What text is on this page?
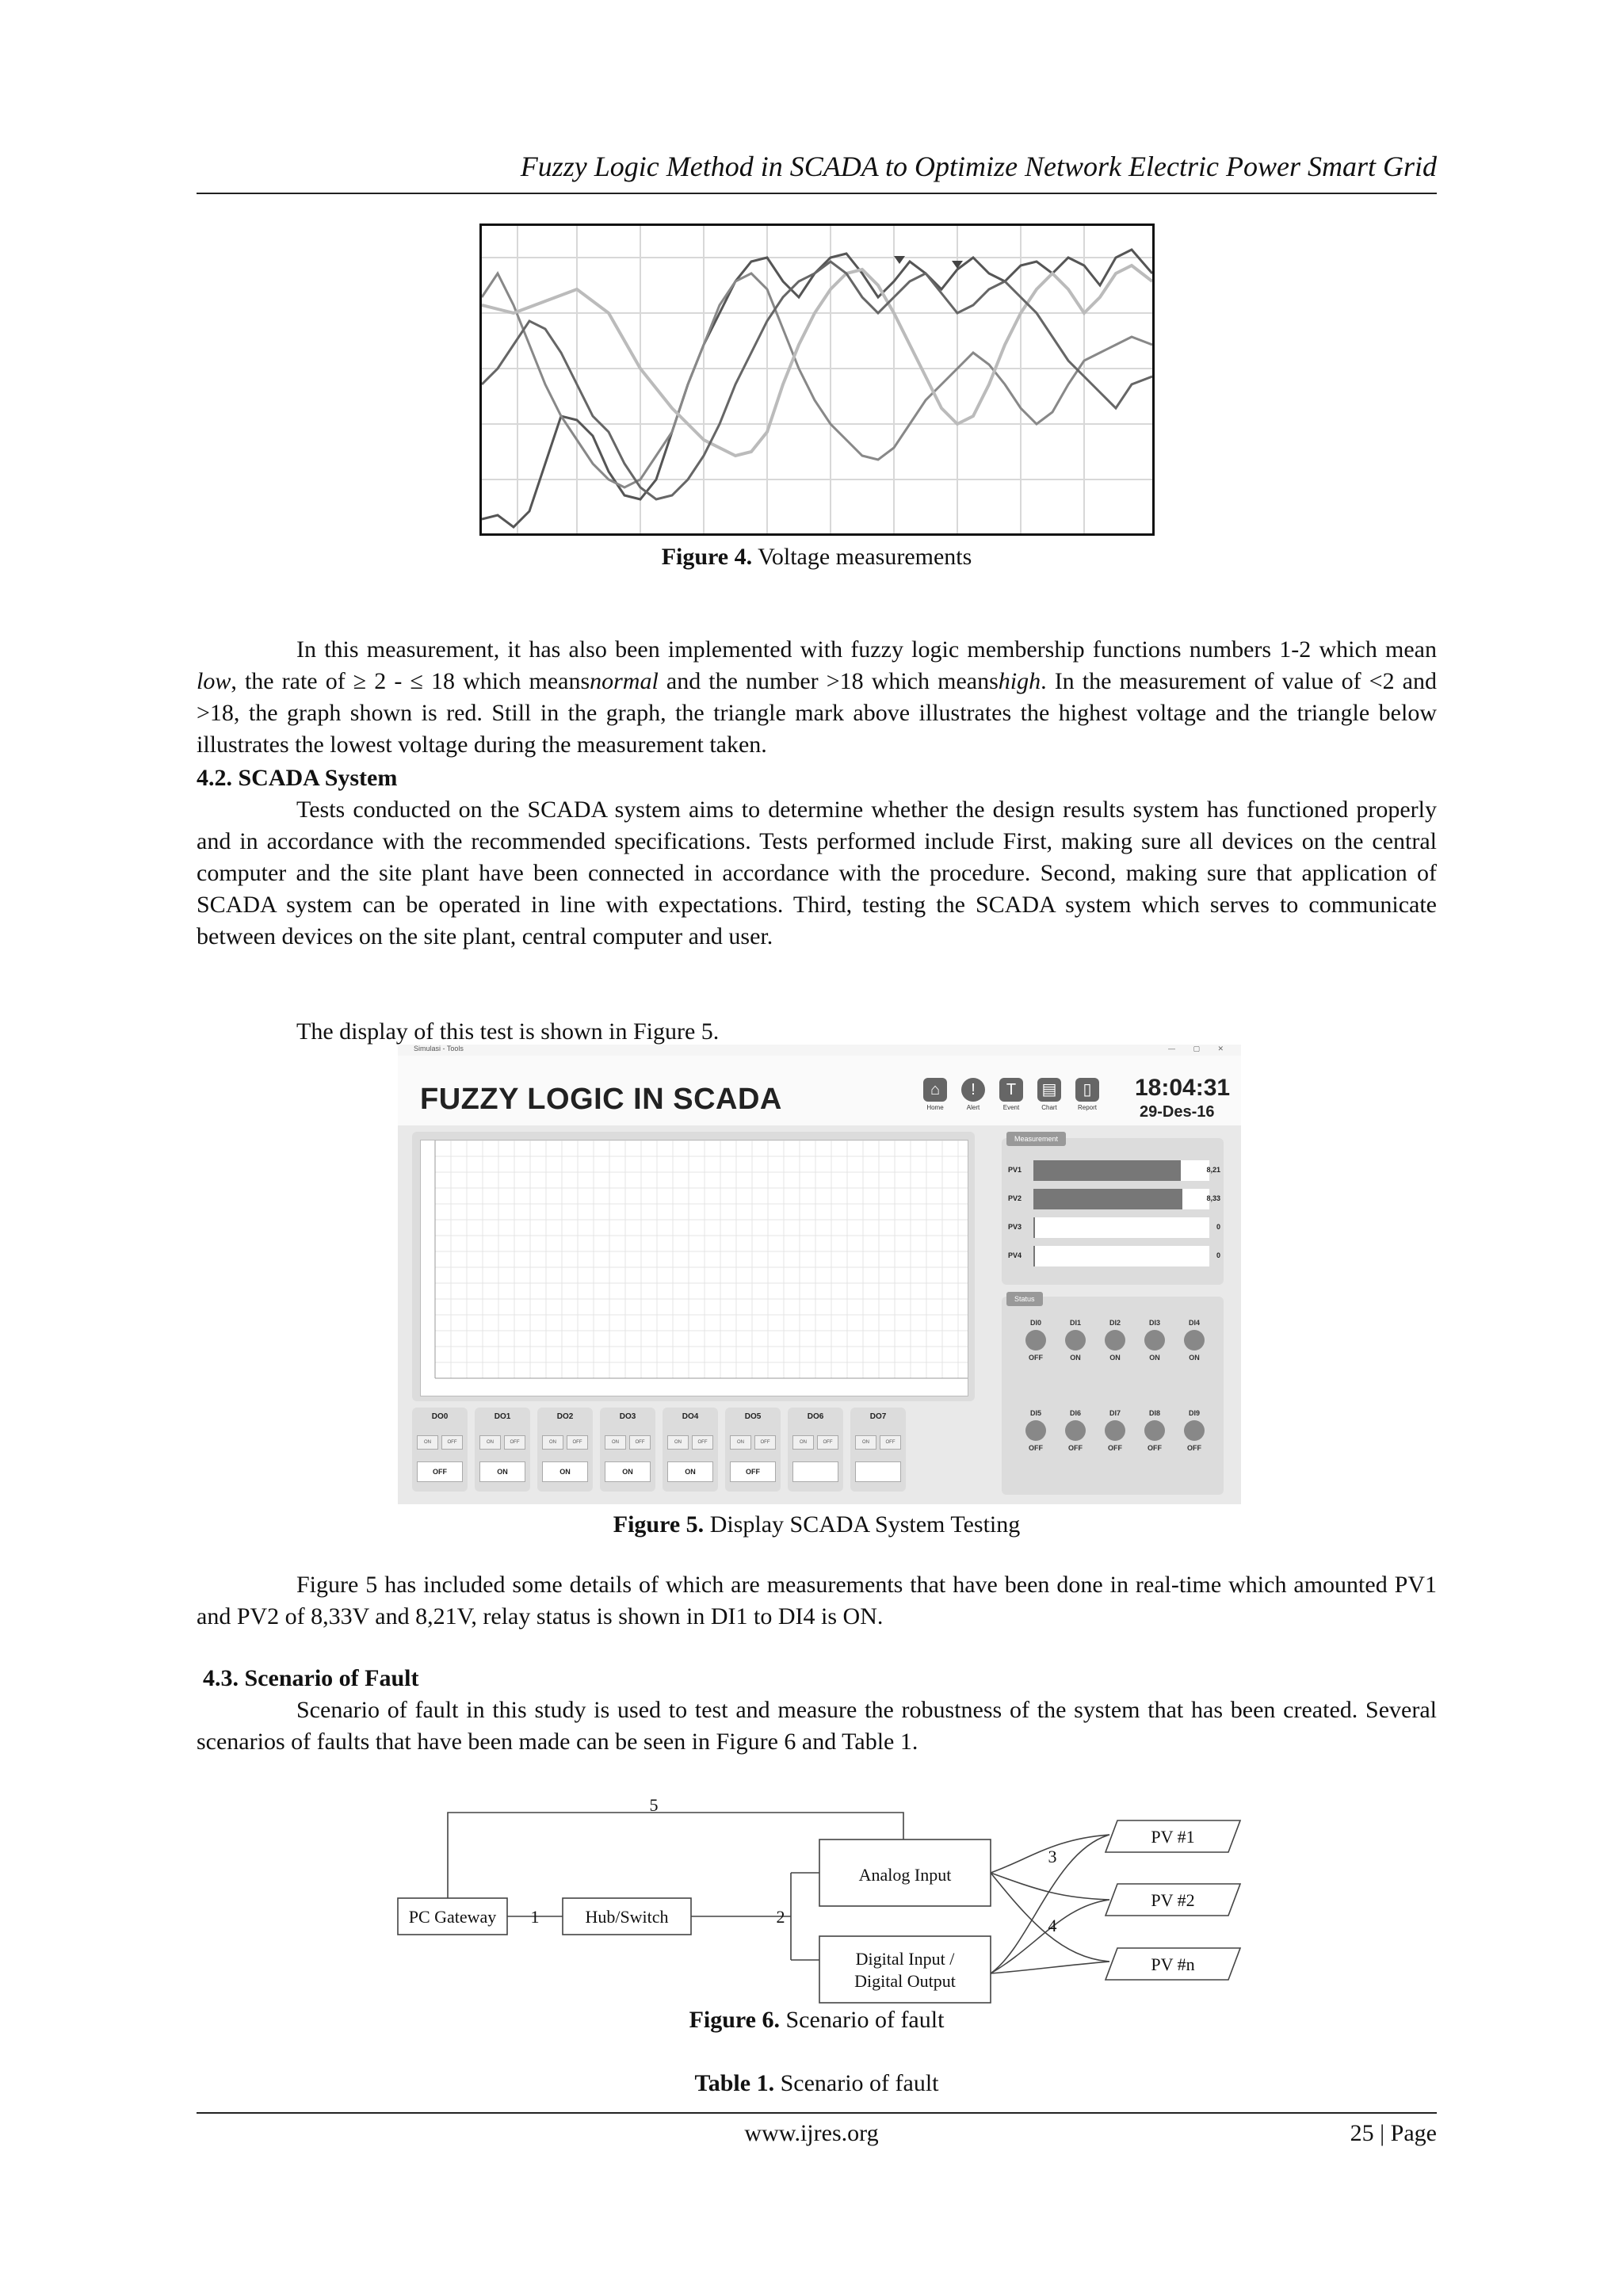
Fuzzy Logic Method in SCADA to Optimize Network Electric Power Smart Grid
Figure 4. Voltage measurements
In this measurement, it has also been implemented with fuzzy logic membership functions numbers 1-2 which mean low, the rate of ≥ 2 - ≤ 18 which meansnormal and the number >18 which meanshigh. In the measurement of value of <2 and >18, the graph shown is red. Still in the graph, the triangle mark above illustrates the highest voltage and the triangle below illustrates the lowest voltage during the measurement taken.
4.2. SCADA System
Tests conducted on the SCADA system aims to determine whether the design results system has functioned properly and in accordance with the recommended specifications. Tests performed include First, making sure all devices on the central computer and the site plant have been connected in accordance with the procedure. Second, making sure that application of SCADA system can be operated in line with expectations. Third, testing the SCADA system which serves to communicate between devices on the site plant, central computer and user.
The display of this test is shown in Figure 5.
Simulasi - Tools	— ▢ ✕
FUZZY LOGIC IN SCADA	⌂
Home
!
Alert
T
Event
▤
Chart
▯
Report
18:04:31
29-Des-16
Measurement
PV1	8,21
PV2	8,33
PV3	0
PV4	0
Status
DI0
OFF
DI1
ON
DI2
ON
DI3
ON
DI4
ON
DI5
OFF
DI6
OFF
DI7
OFF
DI8
OFF
DI9
OFF
DO0
ON	OFF
OFF
DO1
ON	OFF
ON
DO2
ON	OFF
ON
DO3
ON	OFF
ON
DO4
ON	OFF
ON
DO5
ON	OFF
OFF
DO6
ON	OFF
DO7
ON	OFF
Figure 5. Display SCADA System Testing
Figure 5 has included some details of which are measurements that have been done in real-time which amounted PV1 and PV2 of 8,33V and 8,21V, relay status is shown in DI1 to DI4 is ON.
4.3. Scenario of Fault
Scenario of fault in this study is used to test and measure the robustness of the system that has been created. Several scenarios of faults that have been made can be seen in Figure 6 and Table 1.
PC Gateway	Hub/Switch
Analog Input
Digital Input /
Digital Output
PV #1
PV #2
PV #n
5
1	2
3
4
Figure 6. Scenario of fault
Table 1. Scenario of fault
www.ijres.org	25 | Page
